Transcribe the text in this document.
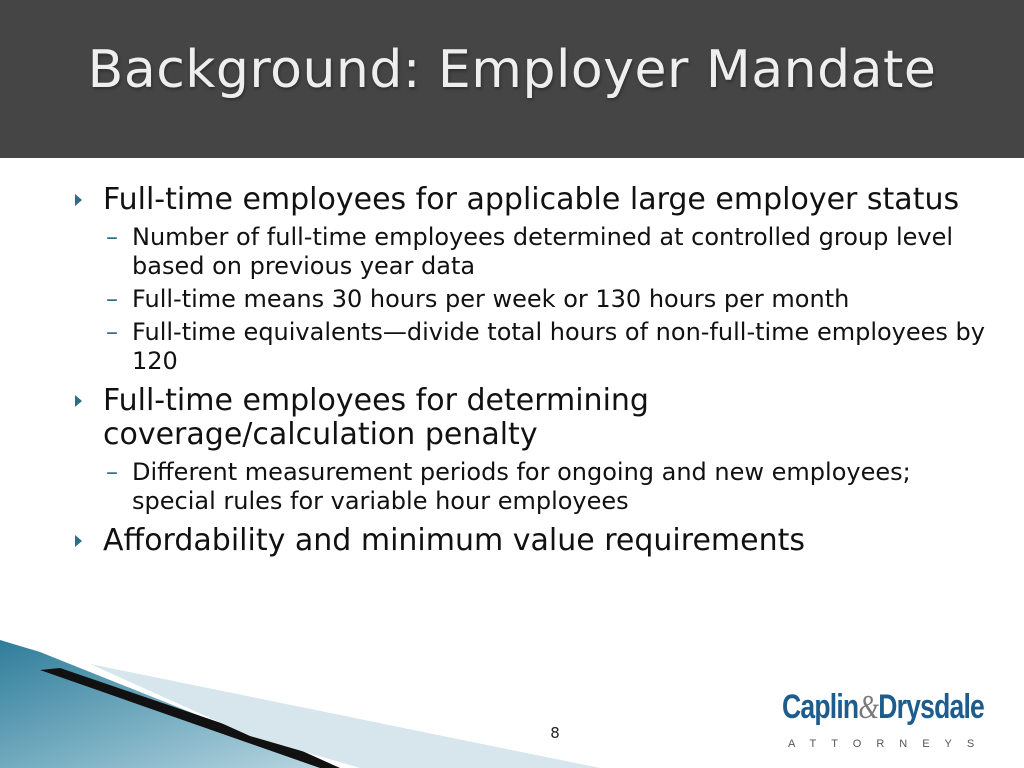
Background: Employer Mandate
Full-time employees for applicable large employer status
– Number of full-time employees determined at controlled group level based on previous year data
– Full-time means 30 hours per week or 130 hours per month
– Full-time equivalents—divide total hours of non-full-time employees by 120
Full-time employees for determining coverage/calculation penalty
– Different measurement periods for ongoing and new employees; special rules for variable hour employees
Affordability and minimum value requirements
8
Caplin&Drysdale
ATTORNEYS
